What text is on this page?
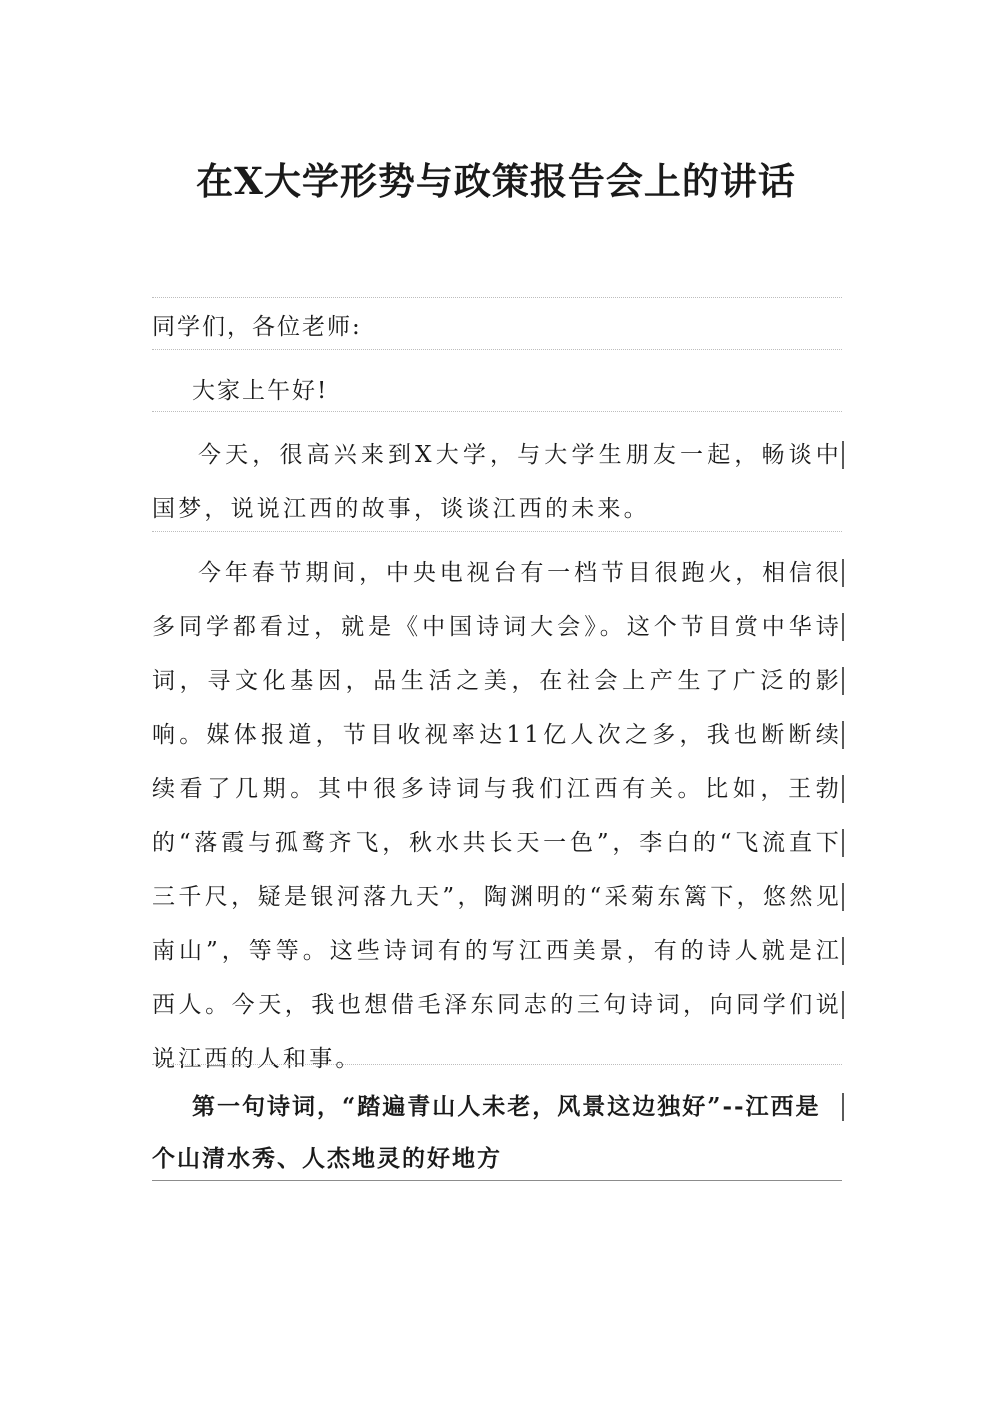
在X大学形势与政策报告会上的讲话

同学们，各位老师:

大家上午好!

今天，很高兴来到X大学，与大学生朋友一起，畅谈中国梦，说说江西的故事，谈谈江西的未来。

今年春节期间，中央电视台有一档节目很跑火，相信很多同学都看过，就是《中国诗词大会》。这个节目赏中华诗词，寻文化基因，品生活之美，在社会上产生了广泛的影响。媒体报道，节目收视率达11亿人次之多，我也断断续续看了几期。其中很多诗词与我们江西有关。比如，王勃的“落霞与孤鹜齐飞，秋水共长天一色”，李白的“飞流直下三千尺，疑是银河落九天”，陶渊明的“采菊东篱下，悠然见南山”，等等。这些诗词有的写江西美景，有的诗人就是江西人。今天，我也想借毛泽东同志的三句诗词，向同学们说说江西的人和事。

第一句诗词，“踏遍青山人未老，风景这边独好”--江西是个山清水秀、人杰地灵的好地方
